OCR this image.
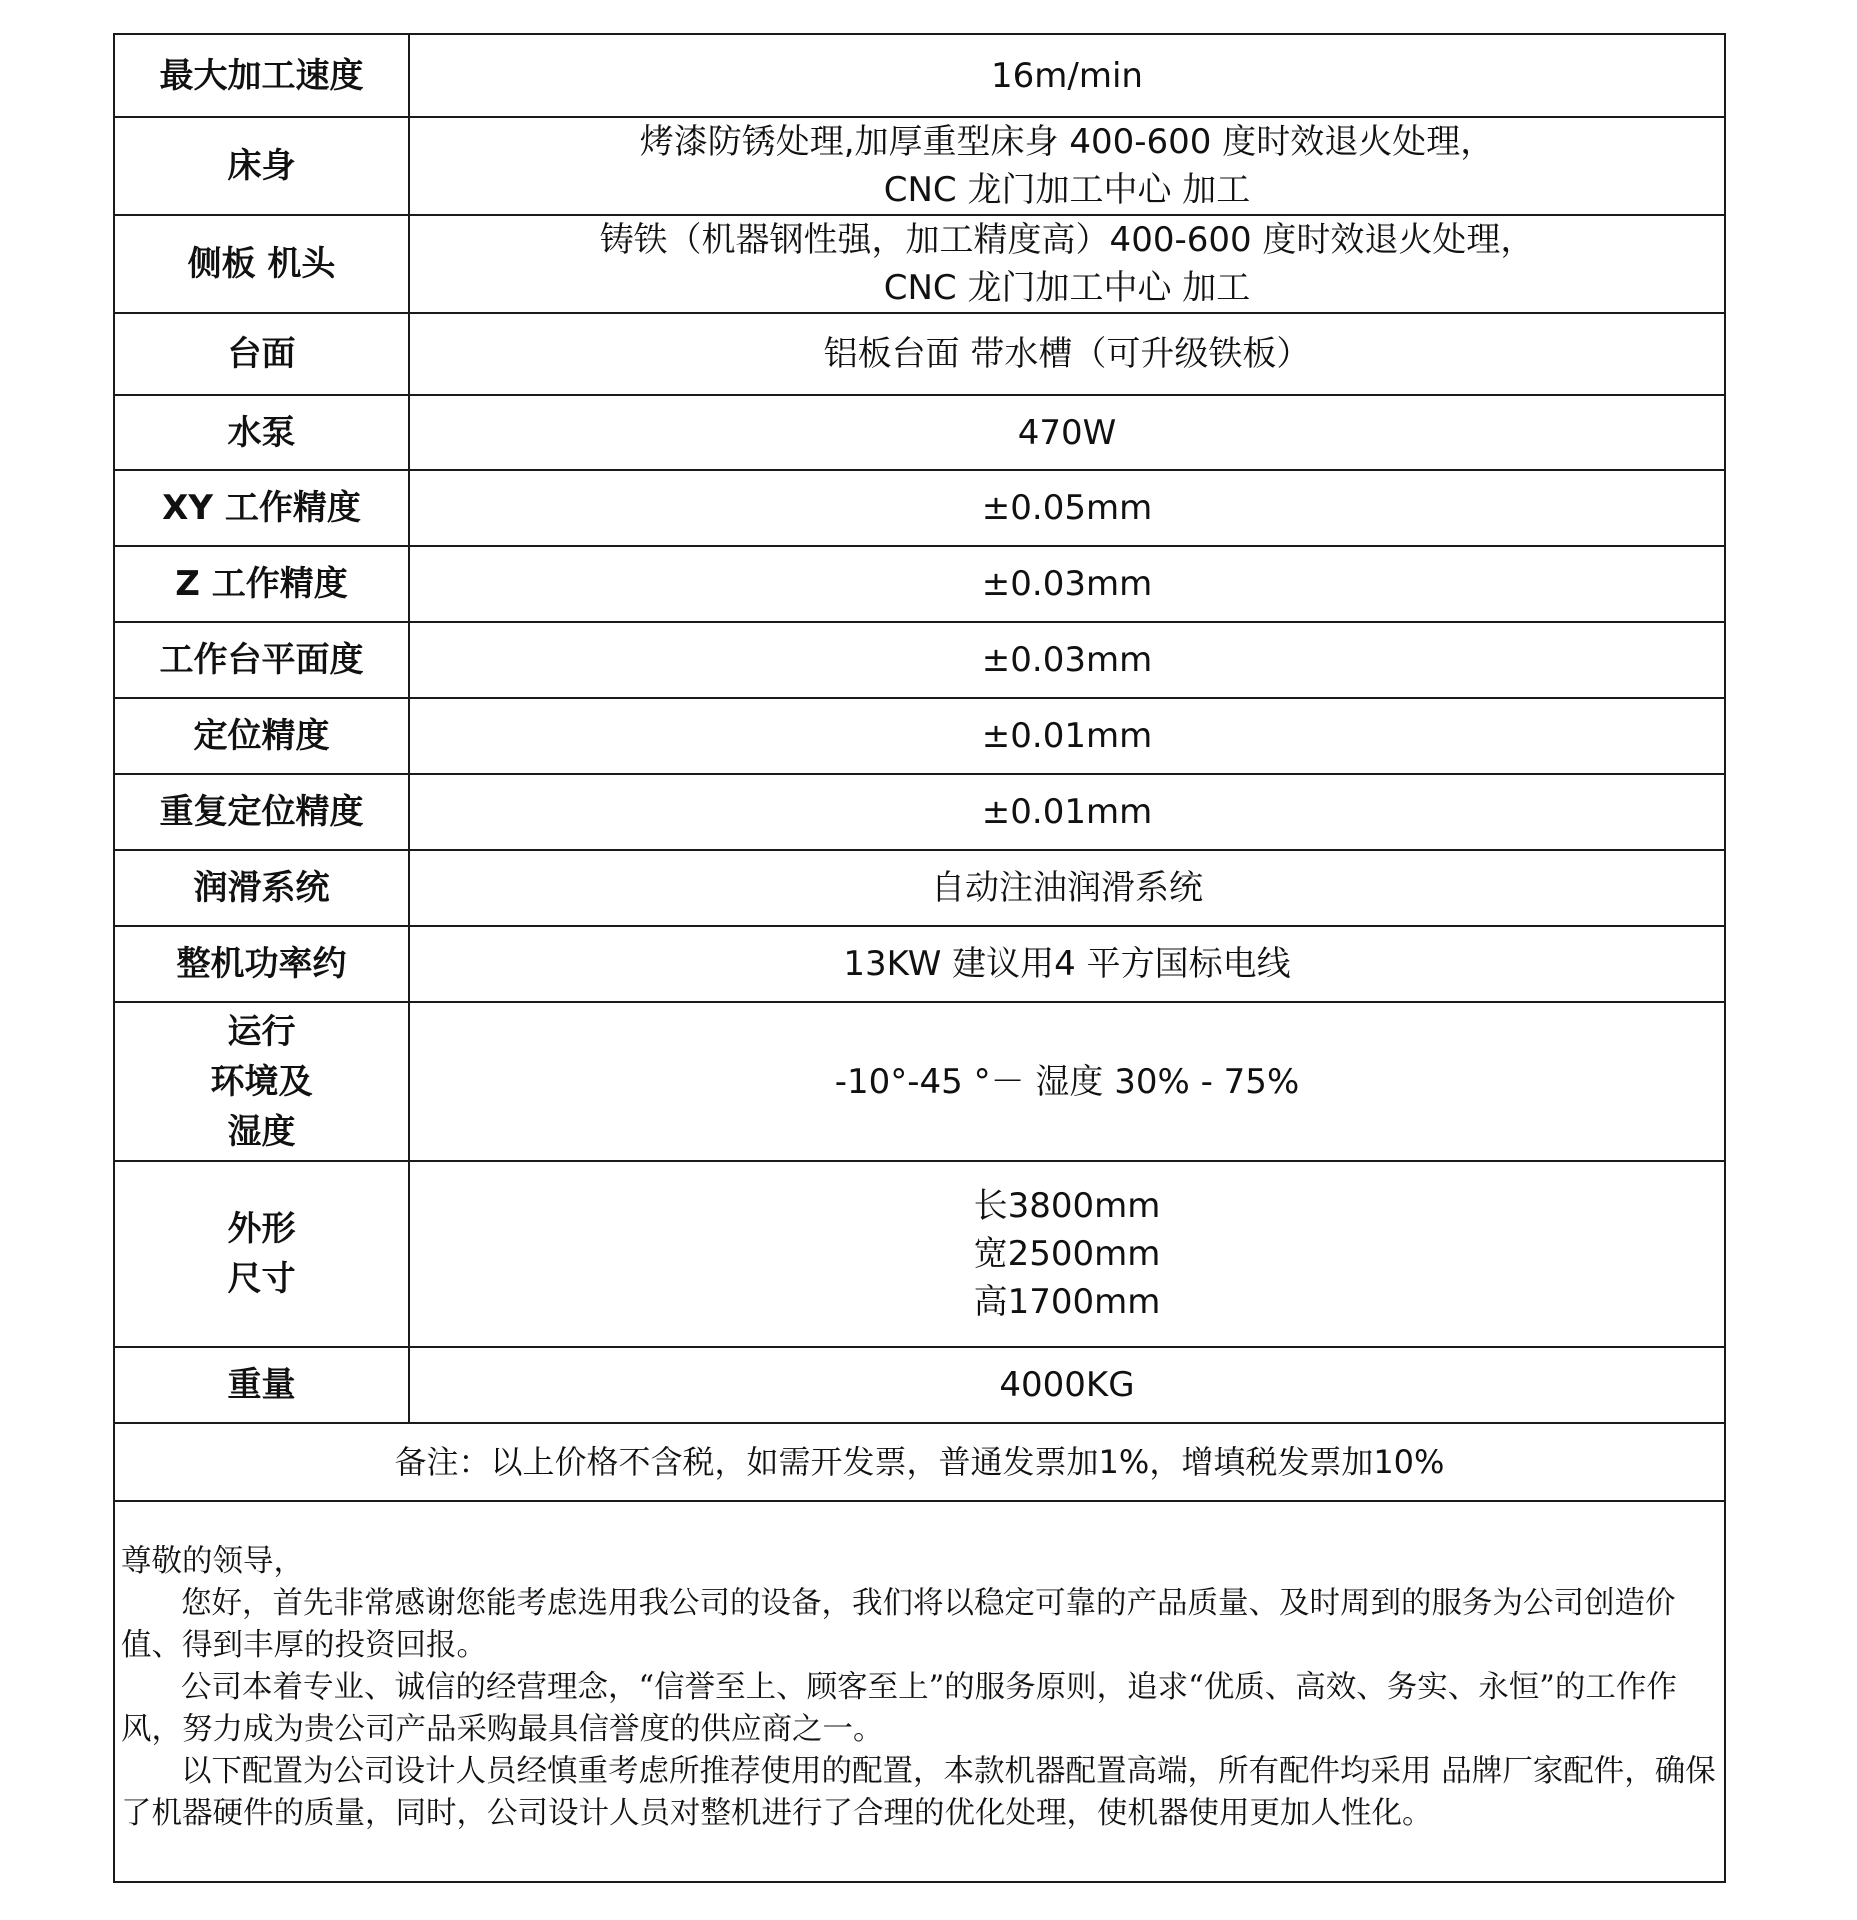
最大加工速度	16m/min

床身	烤漆防锈处理,加厚重型床身 400-600 度时效退火处理，
CNC 龙门加工中心 加工

侧板 机头	铸铁（机器钢性强，加工精度高）400-600 度时效退火处理，
CNC 龙门加工中心 加工

台面	铝板台面 带水槽（可升级铁板）

水泵	470W

XY 工作精度	±0.05mm

Z 工作精度	±0.03mm

工作台平面度	±0.03mm

定位精度	±0.01mm

重复定位精度	±0.01mm

润滑系统	自动注油润滑系统

整机功率约	13KW 建议用4 平方国标电线

运行
环境及
湿度	-10°-45 °－ 湿度 30% - 75%

外形
尺寸	长3800mm
宽2500mm
高1700mm

重量	4000KG

备注：以上价格不含税，如需开发票，普通发票加1%，增填税发票加10%	

尊敬的领导，

您好，首先非常感谢您能考虑选用我公司的设备，我们将以稳定可靠的产品质量、及时周到的服务为公司创造价值、得到丰厚的投资回报。

公司本着专业、诚信的经营理念，“信誉至上、顾客至上”的服务原则，追求“优质、高效、务实、永恒”的工作作风，努力成为贵公司产品采购最具信誉度的供应商之一。

以下配置为公司设计人员经慎重考虑所推荐使用的配置，本款机器配置高端，所有配件均采用 品牌厂家配件，确保了机器硬件的质量，同时，公司设计人员对整机进行了合理的优化处理，使机器使用更加人性化。
